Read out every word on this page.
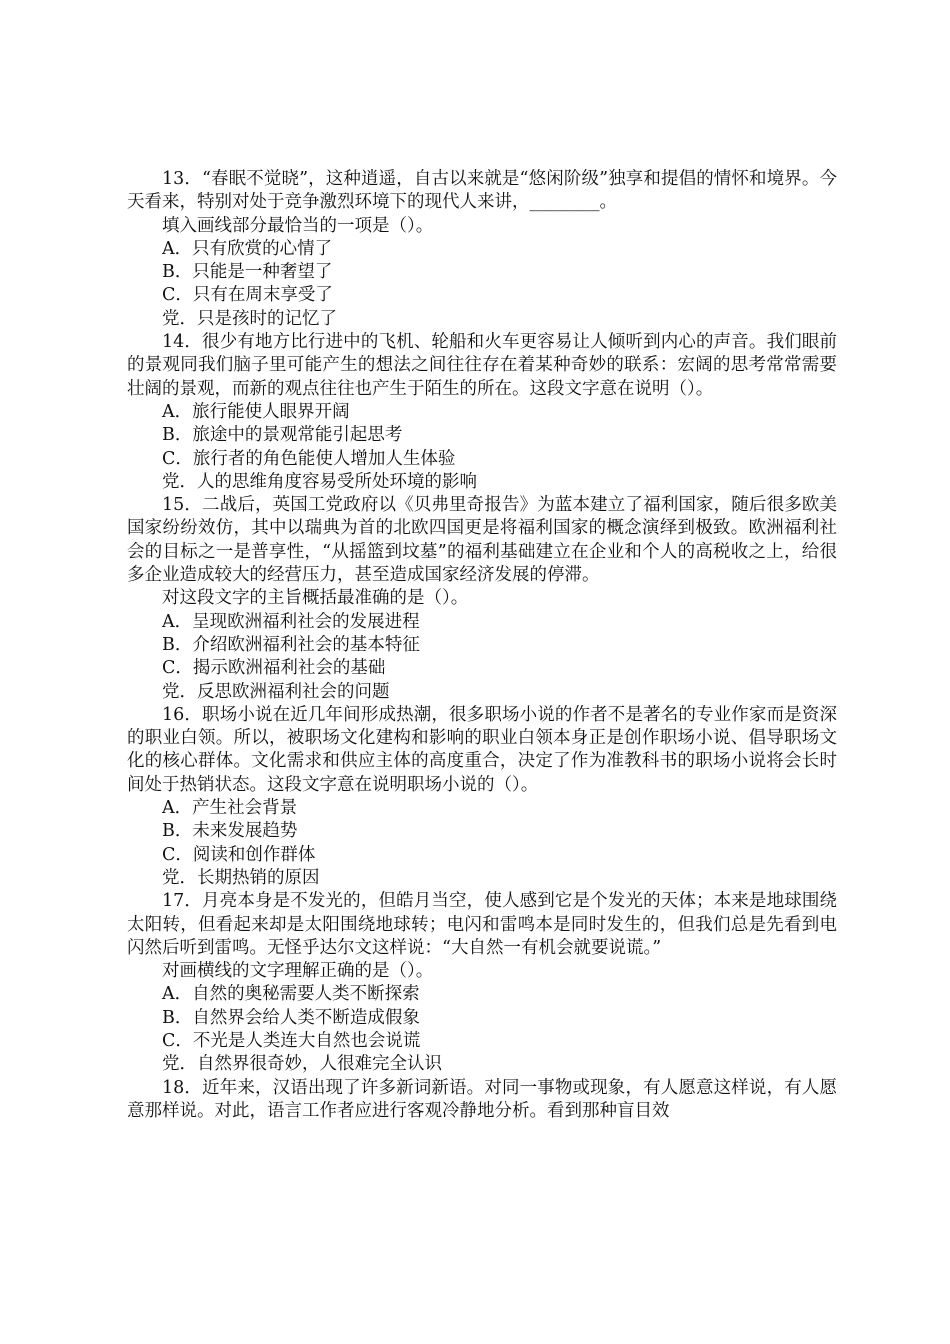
13．“春眠不觉晓”，这种逍遥，自古以来就是“悠闲阶级”独享和提倡的情怀和境界。今天看来，特别对处于竞争激烈环境下的现代人来讲，________。

填入画线部分最恰当的一项是（）。

A．只有欣赏的心情了

B．只能是一种奢望了

C．只有在周末享受了

党．只是孩时的记忆了

14．很少有地方比行进中的飞机、轮船和火车更容易让人倾听到内心的声音。我们眼前的景观同我们脑子里可能产生的想法之间往往存在着某种奇妙的联系：宏阔的思考常常需要壮阔的景观，而新的观点往往也产生于陌生的所在。这段文字意在说明（）。

A．旅行能使人眼界开阔

B．旅途中的景观常能引起思考

C．旅行者的角色能使人增加人生体验

党．人的思维角度容易受所处环境的影响

15．二战后，英国工党政府以《贝弗里奇报告》为蓝本建立了福利国家，随后很多欧美国家纷纷效仿，其中以瑞典为首的北欧四国更是将福利国家的概念演绎到极致。欧洲福利社会的目标之一是普享性，“从摇篮到坟墓”的福利基础建立在企业和个人的高税收之上，给很多企业造成较大的经营压力，甚至造成国家经济发展的停滞。

对这段文字的主旨概括最准确的是（）。

A．呈现欧洲福利社会的发展进程

B．介绍欧洲福利社会的基本特征

C．揭示欧洲福利社会的基础

党．反思欧洲福利社会的问题

16．职场小说在近几年间形成热潮，很多职场小说的作者不是著名的专业作家而是资深的职业白领。所以，被职场文化建构和影响的职业白领本身正是创作职场小说、倡导职场文化的核心群体。文化需求和供应主体的高度重合，决定了作为准教科书的职场小说将会长时间处于热销状态。这段文字意在说明职场小说的（）。

A．产生社会背景

B．未来发展趋势

C．阅读和创作群体

党．长期热销的原因

17．月亮本身是不发光的，但皓月当空，使人感到它是个发光的天体；本来是地球围绕太阳转，但看起来却是太阳围绕地球转；电闪和雷鸣本是同时发生的，但我们总是先看到电闪然后听到雷鸣。无怪乎达尔文这样说：“大自然一有机会就要说谎。”

对画横线的文字理解正确的是（）。

A．自然的奥秘需要人类不断探索

B．自然界会给人类不断造成假象

C．不光是人类连大自然也会说谎

党．自然界很奇妙，人很难完全认识

18．近年来，汉语出现了许多新词新语。对同一事物或现象，有人愿意这样说，有人愿意那样说。对此，语言工作者应进行客观冷静地分析。看到那种盲目效
